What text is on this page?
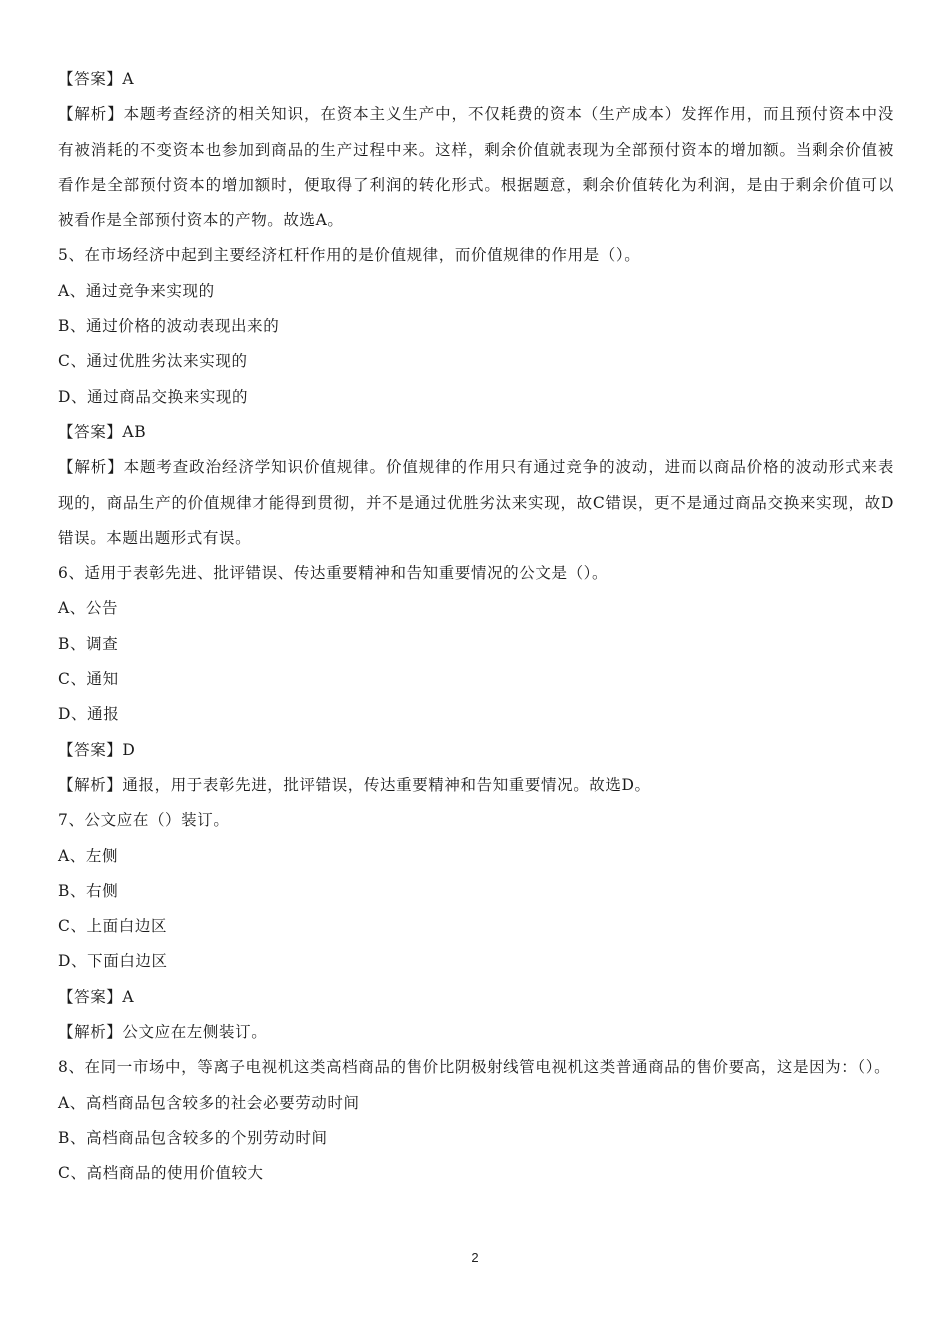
【答案】A
【解析】本题考查经济的相关知识，在资本主义生产中，不仅耗费的资本（生产成本）发挥作用，而且预付资本中没有被消耗的不变资本也参加到商品的生产过程中来。这样，剩余价值就表现为全部预付资本的增加额。当剩余价值被看作是全部预付资本的增加额时，便取得了利润的转化形式。根据题意，剩余价值转化为利润，是由于剩余价值可以被看作是全部预付资本的产物。故选A。
5、在市场经济中起到主要经济杠杆作用的是价值规律，而价值规律的作用是（）。
A、通过竞争来实现的
B、通过价格的波动表现出来的
C、通过优胜劣汰来实现的
D、通过商品交换来实现的
【答案】AB
【解析】本题考查政治经济学知识价值规律。价值规律的作用只有通过竞争的波动，进而以商品价格的波动形式来表现的，商品生产的价值规律才能得到贯彻，并不是通过优胜劣汰来实现，故C错误，更不是通过商品交换来实现，故D错误。本题出题形式有误。
6、适用于表彰先进、批评错误、传达重要精神和告知重要情况的公文是（）。
A、公告
B、调查
C、通知
D、通报
【答案】D
【解析】通报，用于表彰先进，批评错误，传达重要精神和告知重要情况。故选D。
7、公文应在（）装订。
A、左侧
B、右侧
C、上面白边区
D、下面白边区
【答案】A
【解析】公文应在左侧装订。
8、在同一市场中，等离子电视机这类高档商品的售价比阴极射线管电视机这类普通商品的售价要高，这是因为：（）。
A、高档商品包含较多的社会必要劳动时间
B、高档商品包含较多的个别劳动时间
C、高档商品的使用价值较大
2
